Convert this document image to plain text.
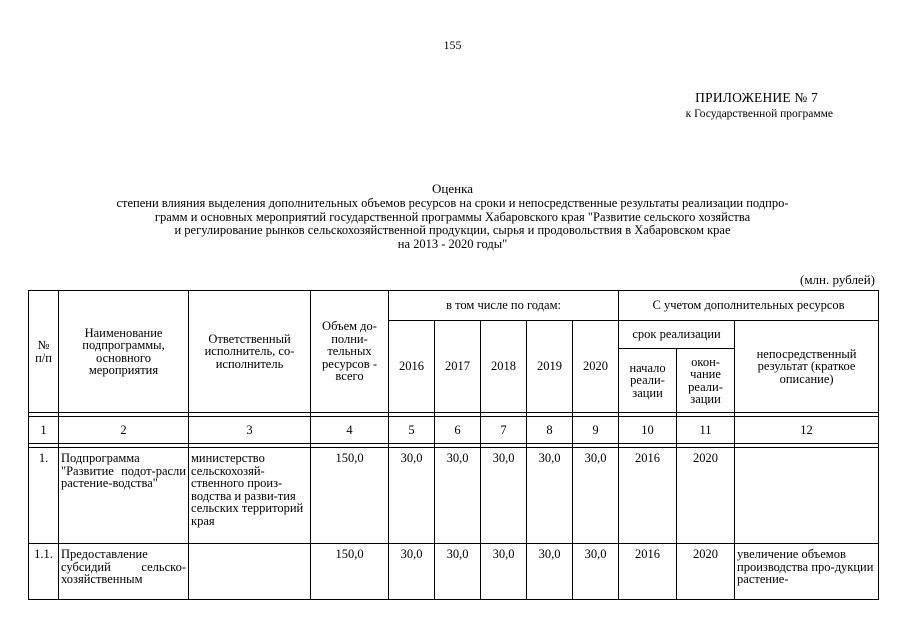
155
ПРИЛОЖЕНИЕ № 7
к Государственной программе
Оценка
степени влияния выделения дополнительных объемов ресурсов на сроки и непосредственные результаты реализации подпро-
грамм и основных мероприятий государственной программы Хабаровского края "Развитие сельского хозяйства
и регулирование рынков сельскохозяйственной продукции, сырья и продовольствия в Хабаровском крае
на 2013 - 2020 годы"
(млн. рублей)
№ п/п	Наименование подпрограммы, основного мероприятия	Ответственный исполнитель, со-исполнитель	Объем до-полни-тельных ресурсов - всего	в том числе по годам:					С учетом дополнительных ресурсов		
				2016	2017	2018	2019	2020	срок реализации		непосредственный результат (краткое описание)
									начало реали-зации	окон-чание реали-зации	

1	2	3	4	5	6	7	8	9	10	11	12

1.	Подпрограмма "Развитие подот-расли растение-водства"	министерство сельскохозяй-ственного произ-водства и разви-тия сельских территорий края	150,0	30,0	30,0	30,0	30,0	30,0	2016	2020	
1.1.	Предоставление субсидий сельско-хозяйственным		150,0	30,0	30,0	30,0	30,0	30,0	2016	2020	увеличение объемов производства про-дукции растение-
